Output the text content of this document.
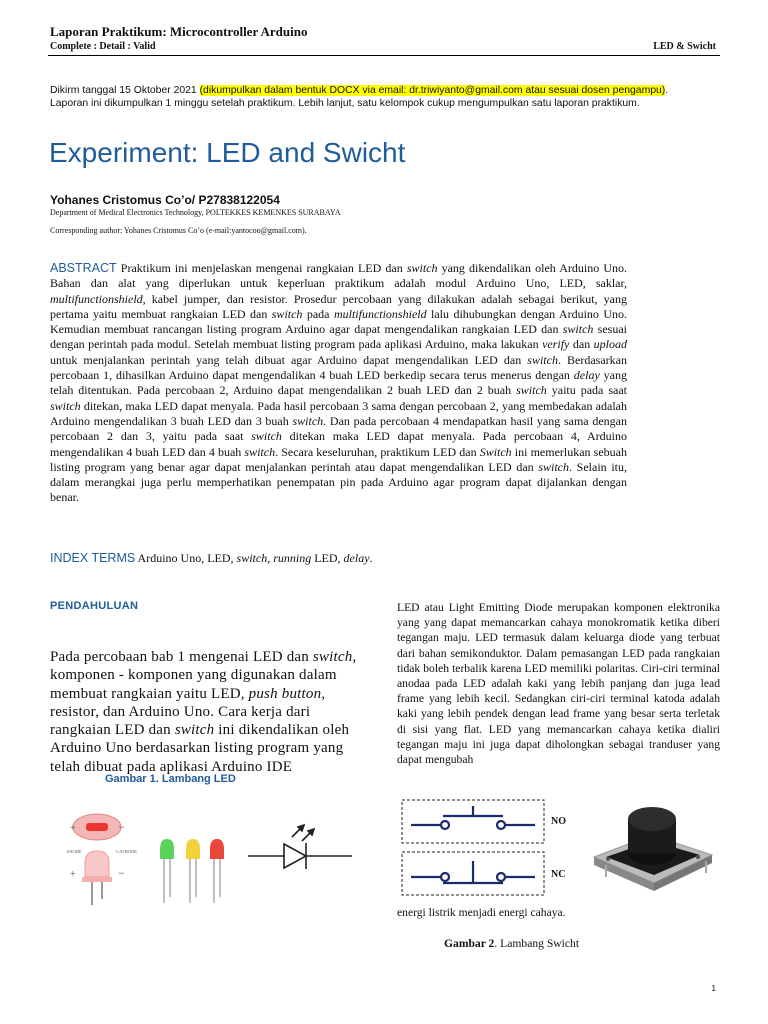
Laporan Praktikum: Microcontroller Arduino
Complete : Detail : Valid	LED & Swicht
Dikirm tanggal 15 Oktober 2021 (dikumpulkan dalam bentuk DOCX via email: dr.triwiyanto@gmail.com atau sesuai dosen pengampu).
Laporan ini dikumpulkan 1 minggu setelah praktikum. Lebih lanjut, satu kelompok cukup mengumpulkan satu laporan praktikum.
Experiment: LED and Swicht
Yohanes Cristomus Co’o/ P27838122054
Department of Medical Electronics Technology, POLTEKKES KEMENKES SURABAYA
Corresponding author: Yohanes Cristomus Co’o (e-mail:yantocoo@gmail.com).
ABSTRACT Praktikum ini menjelaskan mengenai rangkaian LED dan switch yang dikendalikan oleh Arduino Uno. Bahan dan alat yang diperlukan untuk keperluan praktikum adalah modul Arduino Uno, LED, saklar, multifunctionshield, kabel jumper, dan resistor. Prosedur percobaan yang dilakukan adalah sebagai berikut, yang pertama yaitu membuat rangkaian LED dan switch pada multifunctionshield lalu dihubungkan dengan Arduino Uno. Kemudian membuat rancangan listing program Arduino agar dapat mengendalikan rangkaian LED dan switch sesuai dengan perintah pada modul. Setelah membuat listing program pada aplikasi Arduino, maka lakukan verify dan upload untuk menjalankan perintah yang telah dibuat agar Arduino dapat mengendalikan LED dan switch. Berdasarkan percobaan 1, dihasilkan Arduino dapat mengendalikan 4 buah LED berkedip secara terus menerus dengan delay yang telah ditentukan. Pada percobaan 2, Arduino dapat mengendalikan 2 buah LED dan 2 buah switch yaitu pada saat switch ditekan, maka LED dapat menyala. Pada hasil percobaan 3 sama dengan percobaan 2, yang membedakan adalah Arduino mengendalikan 3 buah LED dan 3 buah switch. Dan pada percobaan 4 mendapatkan hasil yang sama dengan percobaan 2 dan 3, yaitu pada saat switch ditekan maka LED dapat menyala. Pada percobaan 4, Arduino mengendalikan 4 buah LED dan 4 buah switch. Secara keseluruhan, praktikum LED dan Switch ini memerlukan sebuah listing program yang benar agar dapat menjalankan perintah atau dapat mengendalikan LED dan switch. Selain itu, dalam merangkai juga perlu memperhatikan penempatan pin pada Arduino agar program dapat dijalankan dengan benar.
INDEX TERMS Arduino Uno, LED, switch, running LED, delay.
PENDAHULUAN
Pada percobaan bab 1 mengenai LED dan switch, komponen - komponen yang digunakan dalam membuat rangkaian yaitu LED, push button, resistor, dan Arduino Uno. Cara kerja dari rangkaian LED dan switch ini dikendalikan oleh Arduino Uno berdasarkan listing program yang telah dibuat pada aplikasi Arduino IDE
Gambar 1. Lambang LED
+	−
ANODE	CATHODE
+	−
LED atau Light Emitting Diode merupakan komponen elektronika yang yang dapat memancarkan cahaya monokromatik ketika diberi tegangan maju. LED termasuk dalam keluarga diode yang terbuat dari bahan semikonduktor. Dalam pemasangan LED pada rangkaian tidak boleh terbalik karena LED memiliki polaritas. Ciri-ciri terminal anodaa pada LED adalah kaki yang lebih panjang dan juga lead frame yang lebih kecil. Sedangkan ciri-ciri terminal katoda adalah kaki yang lebih pendek dengan lead frame yang besar serta terletak di sisi yang flat. LED yang memancarkan cahaya ketika dialiri tegangan maju ini juga dapat diholongkan sebagai tranduser yang dapat mengubah
NO
NC
energi listrik menjadi energi cahaya.
Gambar 2. Lambang Swicht
1
